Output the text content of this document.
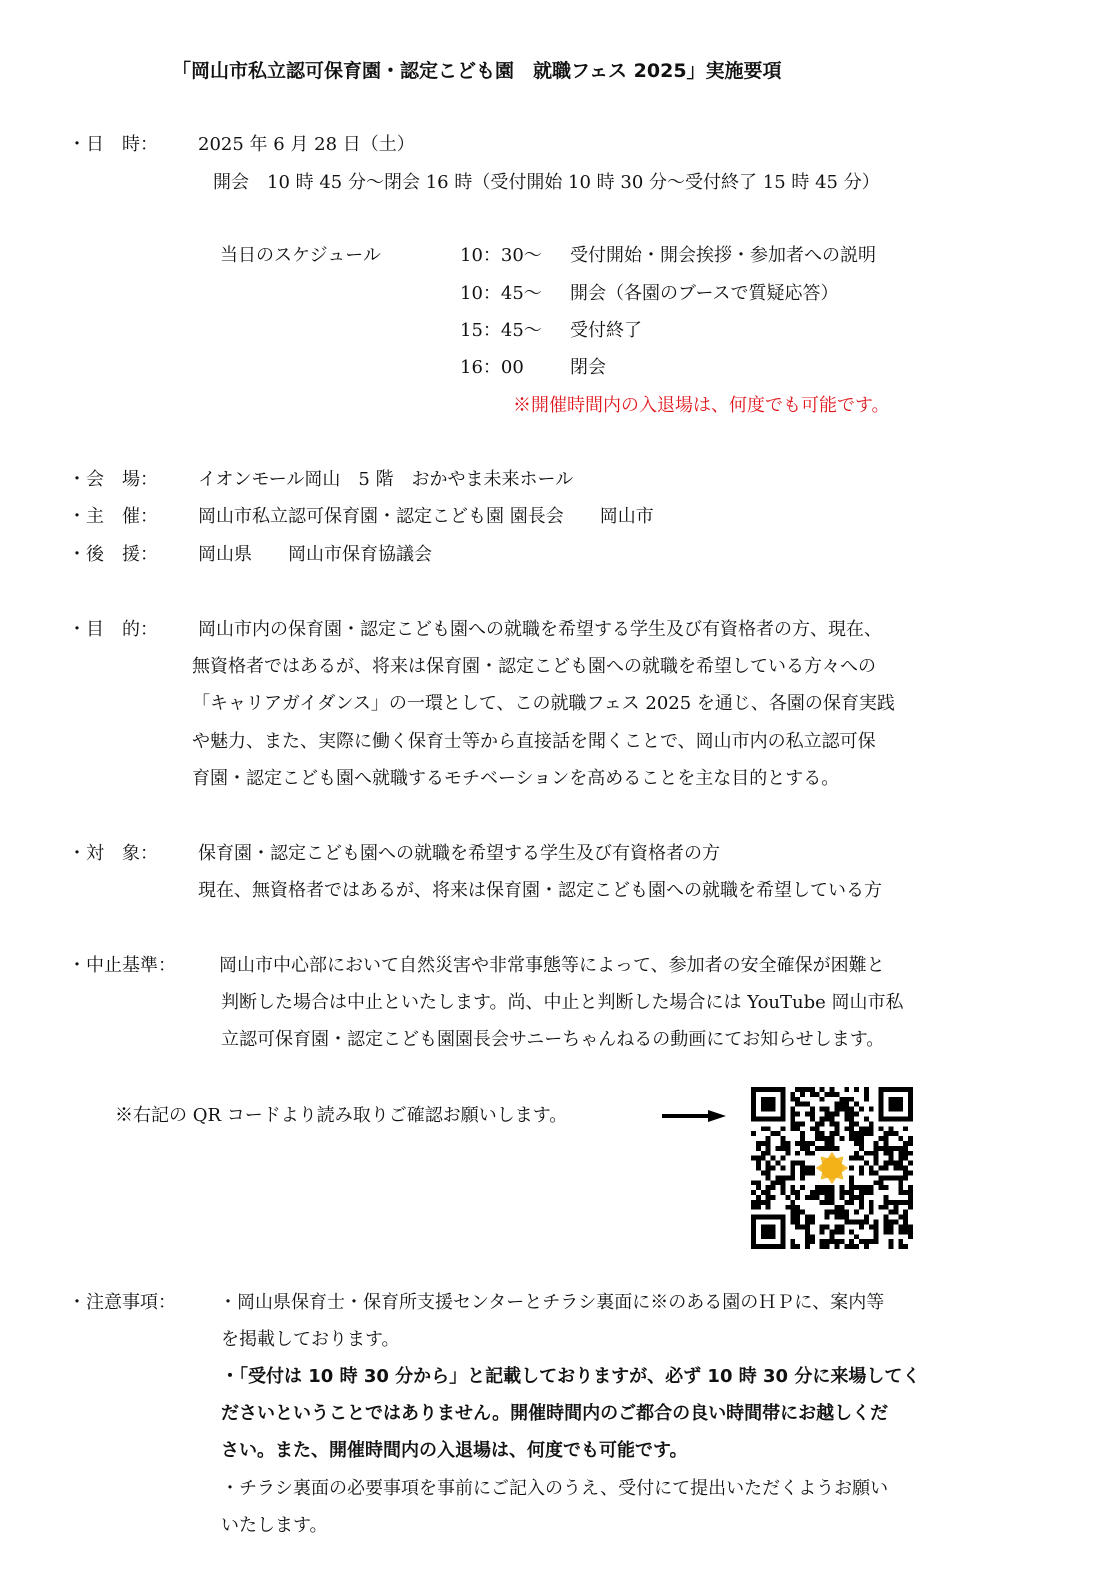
「岡山市私立認可保育園・認定こども園　就職フェス 2025」実施要項
・日　時： 2025 年 6 月 28 日（土）
開会　10 時 45 分～閉会 16 時（受付開始 10 時 30 分～受付終了 15 時 45 分）
当日のスケジュール	10：30～ 受付開始・開会挨拶・参加者への説明
10：45～ 開会（各園のブースで質疑応答）
15：45～ 受付終了
16：00	閉会
※開催時間内の入退場は、何度でも可能です。
・会　場： イオンモール岡山　5 階　おかやま未来ホール
・主　催： 岡山市私立認可保育園・認定こども園 園長会　　岡山市
・後　援： 岡山県　　岡山市保育協議会
・目　的： 岡山市内の保育園・認定こども園への就職を希望する学生及び有資格者の方、現在、
無資格者ではあるが、将来は保育園・認定こども園への就職を希望している方々への
「キャリアガイダンス」の一環として、この就職フェス 2025 を通じ、各園の保育実践
や魅力、また、実際に働く保育士等から直接話を聞くことで、岡山市内の私立認可保
育園・認定こども園へ就職するモチベーションを高めることを主な目的とする。
・対　象： 保育園・認定こども園への就職を希望する学生及び有資格者の方
現在、無資格者ではあるが、将来は保育園・認定こども園への就職を希望している方
・中止基準： 岡山市中心部において自然災害や非常事態等によって、参加者の安全確保が困難と
判断した場合は中止といたします。尚、中止と判断した場合には YouTube 岡山市私
立認可保育園・認定こども園園長会サニーちゃんねるの動画にてお知らせします。
※右記の QR コードより読み取りご確認お願いします。
・注意事項： ・岡山県保育士・保育所支援センターとチラシ裏面に※のある園のＨＰに、案内等
を掲載しております。
・「受付は 10 時 30 分から」と記載しておりますが、必ず 10 時 30 分に来場してく
ださいということではありません。開催時間内のご都合の良い時間帯にお越しくだ
さい。また、開催時間内の入退場は、何度でも可能です。
・チラシ裏面の必要事項を事前にご記入のうえ、受付にて提出いただくようお願い
いたします。
